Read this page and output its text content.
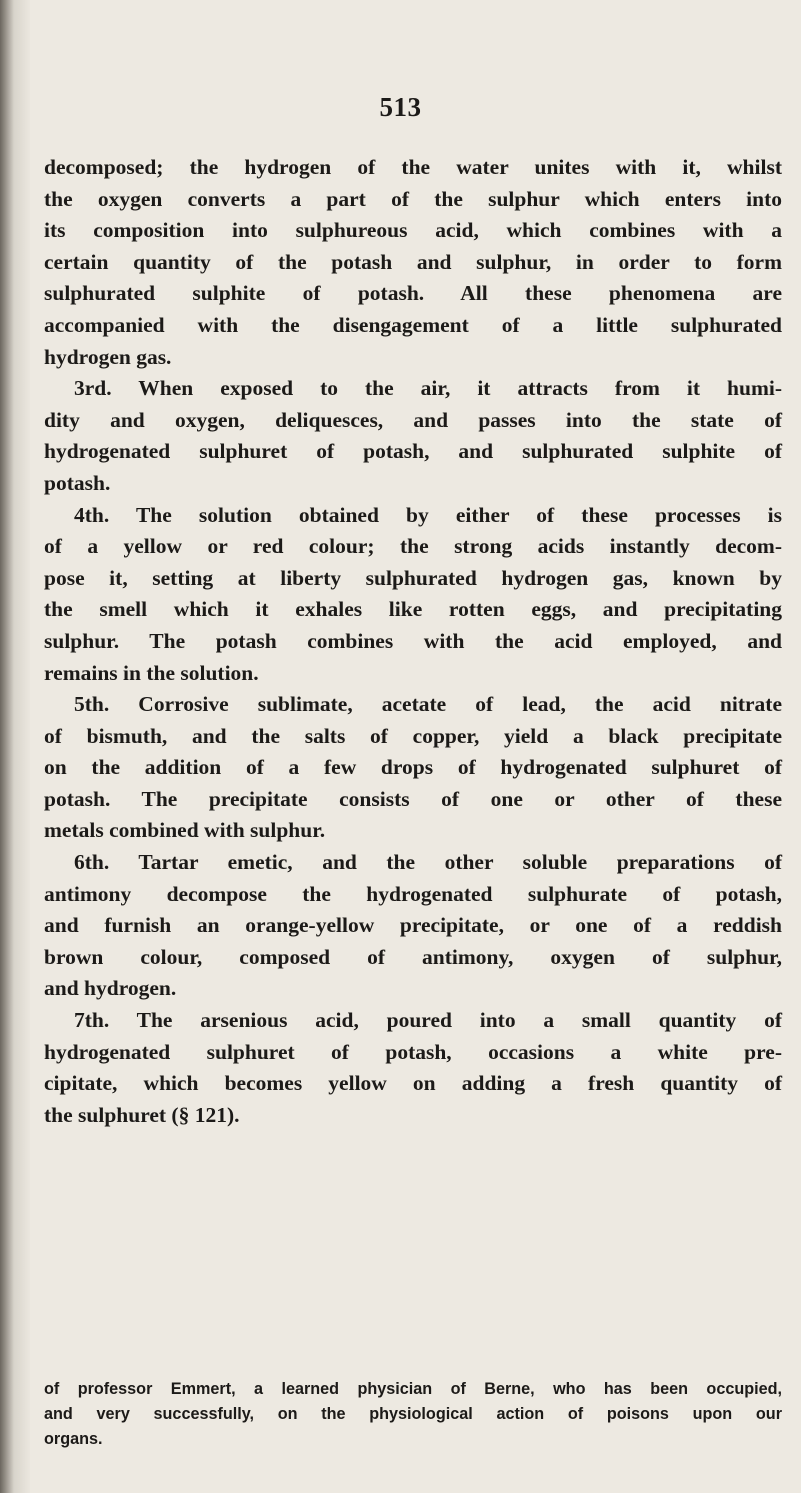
513

decomposed; the hydrogen of the water unites with it, whilst
the oxygen converts a part of the sulphur which enters into
its composition into sulphureous acid, which combines with a
certain quantity of the potash and sulphur, in order to form
sulphurated sulphite of potash. All these phenomena are
accompanied with the disengagement of a little sulphurated
hydrogen gas.

3rd. When exposed to the air, it attracts from it humi-
dity and oxygen, deliquesces, and passes into the state of
hydrogenated sulphuret of potash, and sulphurated sulphite of
potash.

4th. The solution obtained by either of these processes is
of a yellow or red colour; the strong acids instantly decom-
pose it, setting at liberty sulphurated hydrogen gas, known by
the smell which it exhales like rotten eggs, and precipitating
sulphur. The potash combines with the acid employed, and
remains in the solution.

5th. Corrosive sublimate, acetate of lead, the acid nitrate
of bismuth, and the salts of copper, yield a black precipitate
on the addition of a few drops of hydrogenated sulphuret of
potash. The precipitate consists of one or other of these
metals combined with sulphur.

6th. Tartar emetic, and the other soluble preparations of
antimony decompose the hydrogenated sulphurate of potash,
and furnish an orange-yellow precipitate, or one of a reddish
brown colour, composed of antimony, oxygen of sulphur,
and hydrogen.

7th. The arsenious acid, poured into a small quantity of
hydrogenated sulphuret of potash, occasions a white pre-
cipitate, which becomes yellow on adding a fresh quantity of
the sulphuret (§ 121).

of professor Emmert, a learned physician of Berne, who has been occupied,
and very successfully, on the physiological action of poisons upon our
organs.
